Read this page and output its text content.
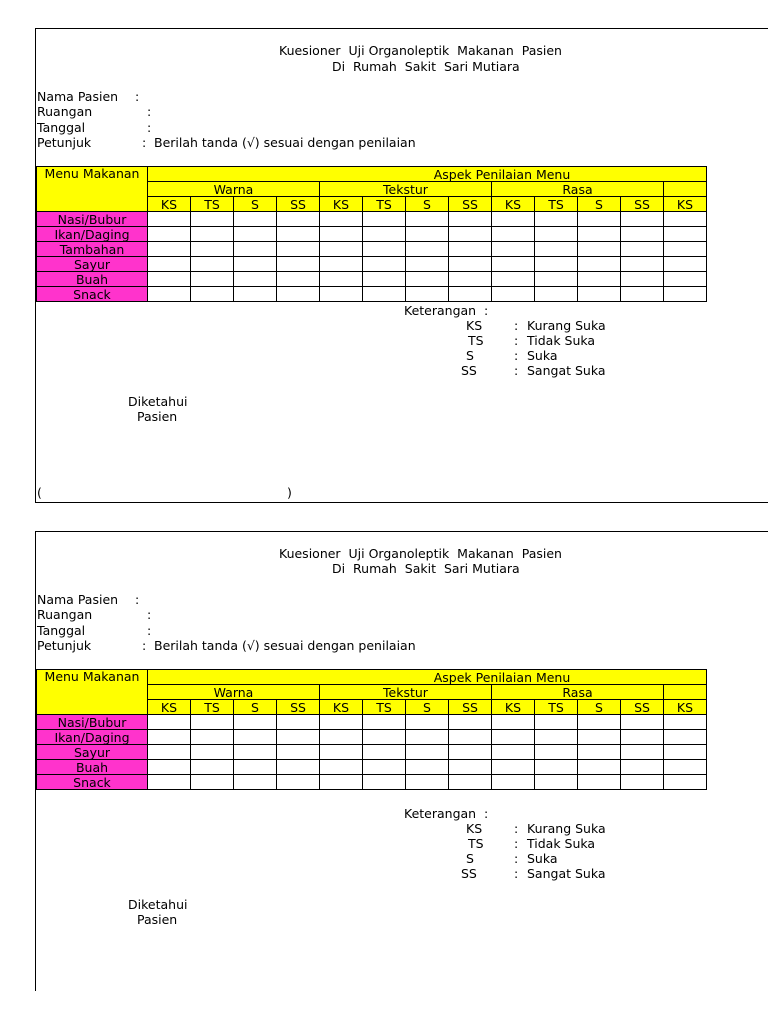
Kuesioner  Uji Organoleptik  Makanan  Pasien
Di  Rumah  Sakit  Sari Mutiara
Nama Pasien :
Ruangan	:
Tanggal	:
Petunjuk	: Berilah tanda (√) sesuai dengan penilaian
Menu Makanan	Aspek Penilaian Menu												
	Warna				Tekstur				Rasa				
	KS	TS	S	SS	KS	TS	S	SS	KS	TS	S	SS	KS
Nasi/Bubur													
Ikan/Daging													
Tambahan													
Sayur													
Buah													
Snack													
Keterangan  :
KS	: Kurang Suka
TS : Tidak Suka
S	: Suka
SS	: Sangat Suka
Diketahui
Pasien
(	)
Kuesioner  Uji Organoleptik  Makanan  Pasien
Di  Rumah  Sakit  Sari Mutiara
Nama Pasien :
Ruangan	:
Tanggal	:
Petunjuk	: Berilah tanda (√) sesuai dengan penilaian
Menu Makanan	Aspek Penilaian Menu												
	Warna				Tekstur				Rasa				
	KS	TS	S	SS	KS	TS	S	SS	KS	TS	S	SS	KS
Nasi/Bubur													
Ikan/Daging													
Sayur													
Buah													
Snack													
Keterangan  :
KS	: Kurang Suka
TS : Tidak Suka
S	: Suka
SS	: Sangat Suka
Diketahui
Pasien
